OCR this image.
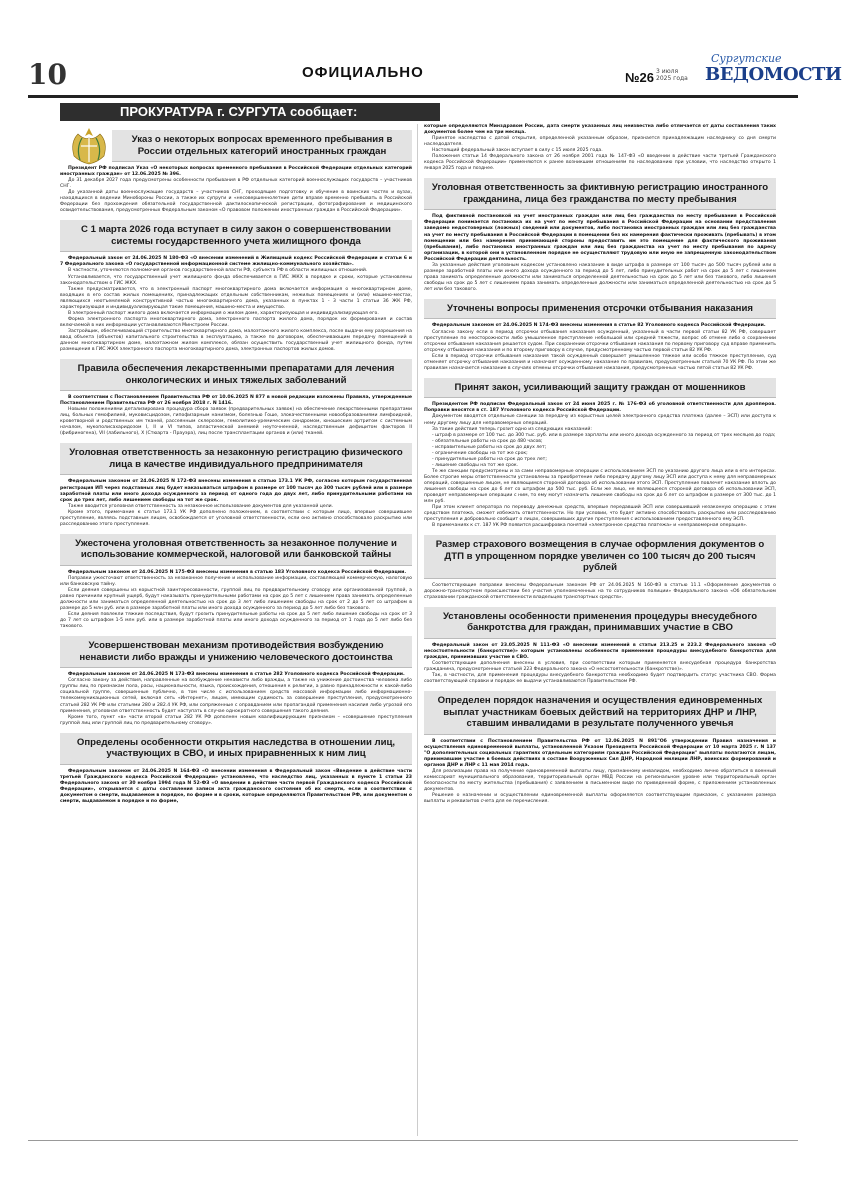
10	ОФИЦИАЛЬНО	№26 3 июля
2025 года
Сургутские
ВЕДОМОСТИ
ПРОКУРАТУРА г. СУРГУТА сообщает:
Указ о некоторых вопросах временного пребывания в России отдельных категорий иностранных граждан

Президент РФ подписал Указ «О некоторых вопросах временного пребывания в Российской Федерации отдельных категорий иностранных граждан» от 12.06.2025 № 396.

До 31 декабря 2027 года предусмотрены особенности пребывания в РФ отдельных категорий военнослужащих государств – участников СНГ.

До указанной даты военнослужащие государств – участников СНГ, проходящие подготовку и обучение в воинских частях и вузах, находящихся в ведении Минобороны России, а также их супруги и «несовершеннолетние дети вправе временно пребывать в Российской Федерации без прохождения обязательной государственной дактилоскопической регистрации, фотографирования и медицинского освидетельствования, предусмотренных Федеральным законом «О правовом положении иностранных граждан в Российской Федерации».

С 1 марта 2026 года вступает в силу закон о совершенствовании системы государственного учета жилищного фонда

Федеральный закон от 24.06.2025 N 180-ФЗ «О внесении изменений в Жилищный кодекс Российской Федерации и статьи 6 и 7 Федерального закона «О государственной информационной системе жилищно-коммунального хозяйства».

В частности, уточняются полномочия органов государственной власти РФ, субъекта РФ в области жилищных отношений.

Устанавливается, что государственный учет жилищного фонда обеспечивается в ГИС ЖКХ в порядке и сроки, которые установлены законодательством о ГИС ЖКХ.

Также предусматривается, что в электронный паспорт многоквартирного дома включается информация о многоквартирном доме, входящих в его состав жилых помещениях, принадлежащих отдельным собственникам, нежилых помещениях и (или) машино-местах, являющихся неотъемлемой конструктивной частью многоквартирного дома, указанных в пунктах 1 - 3 части 1 статьи 36 ЖК РФ, характеризующая и индивидуализирующая такие помещения, машино-места и имущество.

В электронный паспорт жилого дома включается информация о жилом доме, характеризующая и индивидуализирующая его.

Форма электронного паспорта многоквартирного дома, электронного паспорта жилого дома, порядок их формирования и состав включаемой в них информации устанавливаются Минстроем России.

Застройщик, обеспечивающий строительство многоквартирного дома, малоэтажного жилого комплекса, после выдачи ему разрешения на ввод объекта (объектов) капитального строительства в эксплуатацию, а также по договорам, обеспечивающим передачу помещений в данном многоквартирном доме, малоэтажном жилом комплексе, обязан осуществить государственный учет жилищного фонда, путем размещения в ГИС ЖКХ электронного паспорта многоквартирного дома, электронных паспортов жилых домов.

Правила обеспечения лекарственными препаратами для лечения онкологических и иных тяжелых заболеваний

В соответствии с Постановлением Правительства РФ от 10.06.2025 N 877 в новой редакции изложены Правила, утвержденные Постановлением Правительства РФ от 26 ноября 2018 г. N 1416.

Новыми положениями детализирована процедура сбора заявок (предварительных заявок) на обеспечение лекарственными препаратами лиц, больных гемофилией, муковисцидозом, гипофизарным нанизмом, болезнью Гоше, злокачественными новообразованиями лимфоидной, кроветворной и родственных им тканей, рассеянным склерозом, гемолитико-уремическим синдромом, юношеским артритом с системным началом, мукополисахаридозом I, II и VI типов, апластической анемией неуточненной, наследственным дефицитом факторов II (фибриногена), VII (лабильного), X (Стюарта - Прауэра), лиц после трансплантации органов и (или) тканей.

Уголовная ответственность за незаконную регистрацию физического лица в качестве индивидуального предпринимателя

Федеральным законом от 24.06.2025 N 172-ФЗ внесены изменения в статью 173.1 УК РФ, согласно которым государственная регистрация ИП через подставных лиц будет наказываться штрафом в размере от 100 тысяч до 300 тысяч рублей или в размере заработной платы или иного дохода осужденного за период от одного года до двух лет, либо принудительными работами на срок до трех лет, либо лишением свободы на тот же срок.

Также вводится уголовная ответственность за незаконное использование документов для указанной цели.

Кроме этого, примечание к статье 173.1 УК РФ дополнено положением, в соответствии с которым лицо, впервые совершившее преступление, являясь подставным лицом, освобождается от уголовной ответственности, если оно активно способствовало раскрытию или расследованию этого преступления.

Ужесточена уголовная ответственность за незаконное получение и использование коммерческой, налоговой или банковской тайны

Федеральным законом от 24.06.2025 N 175-ФЗ внесены изменения в статью 183 Уголовного кодекса Российской Федерации.

Поправки ужесточают ответственность за незаконное получение и использование информации, составляющей коммерческую, налоговую или банковскую тайну.

Если деяния совершены из корыстной заинтересованности, группой лиц по предварительному сговору или организованной группой, а равно причинили крупный ущерб, будут наказывать принудительными работами на срок до 5 лет с лишением права занимать определенные должности или заниматься определенной деятельностью на срок до 3 лет либо лишением свободы на срок от 2 до 5 лет со штрафом в размере до 5 млн руб. или в размере заработной платы или иного дохода осужденного за период до 5 лет либо без такового.

Если деяния повлекли тяжкие последствия, будут грозить принудительные работы на срок до 5 лет либо лишение свободы на срок от 3 до 7 лет со штрафом 1-5 млн руб. или в размере заработной платы или иного дохода осужденного за период от 1 года до 5 лет либо без такового.

Усовершенствован механизм противодействия возбуждению ненависти либо вражды и унижению человеческого достоинства

Федеральным законом от 24.06.2025 N 173-ФЗ внесены изменения в статье 282 Уголовного кодекса Российской Федерации.

Согласно закону за действия, направленные на возбуждение ненависти либо вражды, а также на унижение достоинства человека либо группы лиц по признакам пола, расы, национальности, языка, происхождения, отношения к религии, а равно принадлежности к какой-либо социальной группе, совершенные публично, в том числе с использованием средств массовой информации либо информационно-телекоммуникационных сетей, включая сеть «Интернет», лицом, имеющим судимость за совершение преступления, предусмотренного статьей 282 УК РФ или статьями 280 и 282.4 УК РФ, или сопряженные с оправданием или пропагандой применения насилия либо угрозой его применения, уголовная ответственность будет наступать в случае однократного совершения такого деяния.

Кроме того, пункт «в» части второй статьи 282 УК РФ дополнен новым квалифицирующим признаком – «совершение преступления группой лиц или группой лиц по предварительному сговору».

Определены особенности открытия наследства в отношении лиц, участвующих в СВО, и иных приравненных к ним лиц

Федеральным законом от 24.06.2025 N 164-ФЗ «О внесении изменения в Федеральный закон «Введение в действие части третьей Гражданского кодекса Российской Федерации» установлено, что наследство лиц, указанных в пункте 1 статьи 23 Федерального закона от 30 ноября 1994 года N 52-ФЗ «О введении в действие части первой Гражданского кодекса Российской Федерации», открывается с даты составления записи акта гражданского состояния об их смерти, если в соответствии с документом о смерти, выдаваемом в порядке, по форме и в сроки, которые определяются Правительством РФ, или документом о смерти, выдаваемом в порядке и по форме,

которые определяются Минздравом России, дата смерти указанных лиц неизвестна либо отличается от даты составления таких документов более чем на три месяца.

Принятое наследство с датой открытия, определенной указанным образом, признается принадлежащим наследнику со дня смерти наследодателя.

Настоящий федеральный закон вступает в силу с 15 июля 2025 года.

Положения статьи 14 Федерального закона от 26 ноября 2001 года № 147-ФЗ «О введении в действие части третьей Гражданского кодекса Российской Федерации» применяются к ранее возникшим отношениям по наследованию при условии, что наследство открыто 1 января 2025 года и позднее.

Уголовная ответственность за фиктивную регистрацию иностранного гражданина, лица без гражданства по месту пребывания

Под фиктивной постановкой на учет иностранных граждан или лиц без гражданства по месту пребывания в Российской Федерации понимается постановка их на учет по месту пребывания в Российской Федерации на основании представления заведомо недостоверных (ложных) сведений или документов, либо постановка иностранных граждан или лиц без гражданства на учет по месту пребывания в Российской Федерации в помещении без их намерения фактически проживать (пребывать) в этом помещении или без намерения принимающей стороны предоставить им это помещение для фактического проживания (пребывания), либо постановка иностранных граждан или лиц без гражданства на учет по месту пребывания по адресу организации, в которой они в установленном порядке не осуществляют трудовую или иную не запрещенную законодательством Российской Федерации деятельность.

За указанные действия уголовным кодексом установлено наказание в виде штрафа в размере от 100 тысяч до 500 тысяч рублей или в размере заработной платы или иного дохода осужденного за период до 5 лет, либо принудительных работ на срок до 5 лет с лишением права занимать определенные должности или заниматься определенной деятельностью на срок до 5 лет или без такового, либо лишения свободы на срок до 5 лет с лишением права занимать определенные должности или заниматься определенной деятельностью на срок до 5 лет или без такового.

Уточнены вопросы применения отсрочки отбывания наказания

Федеральным законом от 24.06.2025 N 174-ФЗ внесены изменения в статье 82 Уголовного кодекса Российской Федерации.

Согласно закону если в период отсрочки отбывания наказания осужденный, указанный в части первой статьи 82 УК РФ, совершает преступление по неосторожности либо умышленное преступление небольшой или средней тяжести, вопрос об отмене либо о сохранении отсрочки отбывания наказания решается судом. При сохранении отсрочки отбывания наказания по первому приговору суд вправе применить отсрочку отбывания наказания и по второму приговору в случае, предусмотренному частью первой статьи 82 УК РФ.

Если в период отсрочки отбывания наказания такой осужденный совершает умышленное тяжкое или особо тяжкое преступление, суд отменяет отсрочку отбывания наказания и назначает осужденному наказание по правилам, предусмотренным статьей 70 УК РФ. По этим же правилам назначается наказание в случаях отмены отсрочки отбывания наказания, предусмотренных частью пятой статьи 82 УК РФ.

Принят закон, усиливающий защиту граждан от мошенников

Президентом РФ подписан Федеральный закон от 24 июня 2025 г. № 176-ФЗ об уголовной ответственности для дропперов. Поправки вносятся в ст. 187 Уголовного кодекса Российской Федерации.

Документом вводятся отдельные санкции за передачу из корыстных целей электронного средства платежа (далее – ЭСП) или доступа к нему другому лицу для неправомерных операций.

За такие действия теперь грозит одно из следующих наказаний:

- штраф в размере от 100 тыс. до 300 тыс. руб. или в размере зарплаты или иного дохода осужденного за период от трех месяцев до года;
- обязательные работы на срок до 480 часов;
- исправительные работы на срок до двух лет;
- ограничение свободы на тот же срок;
- принудительные работы на срок до трех лет;
- лишение свободы на тот же срок.

Те же санкции предусмотрены и за сами неправомерные операции с использованием ЭСП по указанию другого лица или в его интересах. Более строгие меры ответственности установлены за приобретение либо передачу другому лицу ЭСП или доступа к нему для неправомерных операций, совершенные лицом, не являющимся стороной договора об использовании этого ЭСП. Преступление повлечет наказание вплоть до лишения свободы на срок до 6 лет со штрафом до 500 тыс. руб. Если же лицо, не являющееся стороной договора об использовании ЭСП, проведет неправомерные операции с ним, то ему могут назначить лишение свободы на срок до 6 лет со штрафом в размере от 300 тыс. до 1 млн руб.

При этом клиент оператора по переводу денежных средств, впервые передавший ЭСП или совершивший незаконную операцию с этим средством платежа, сможет избежать ответственности. Но при условии, что будет активно способствовать раскрытию или расследованию преступления и добровольно сообщит о лицах, совершивших другие преступления с использованием предоставленного ему ЭСП.

В примечаниях к ст. 187 УК РФ появится расшифровка понятий «электронное средство платежа» и «неправомерная операция».

Размер страхового возмещения в случае оформления документов о ДТП в упрощенном порядке увеличен со 100 тысяч до 200 тысяч рублей

Соответствующие поправки внесены Федеральным законом РФ от 24.06.2025 N 160-ФЗ в статью 11.1 «Оформление документов о дорожно-транспортном происшествии без участия уполномоченных на то сотрудников полиции» Федерального закона «Об обязательном страховании гражданской ответственности владельцев транспортных средств».

Установлены особенности применения процедуры внесудебного банкротства для граждан, принимавших участие в СВО

Федеральный закон от 23.05.2025 N 111-ФЗ «О внесении изменений в статьи 213.25 и 223.2 Федерального закона «О несостоятельности (банкротстве)» которым установлены особенности применения процедуры внесудебного банкротства для граждан, принимавших участие в СВО.

Соответствующие дополнения внесены в условия, при соответствии которым применяется внесудебная процедура банкротства гражданина, предусмотренные статьей 223 Федерального закона «О несостоятельности (банкротстве)».

Так, в частности, для применения процедуры внесудебного банкротства необходимо будет подтвердить статус участника СВО. Форма соответствующей справки и порядок ее выдачи устанавливаются Правительством РФ.

Определен порядок назначения и осуществления единовременных выплат участникам боевых действий на территориях ДНР и ЛНР, ставшим инвалидами в результате полученного увечья

В соответствии с Постановлением Правительства РФ от 12.06.2025 N 891"Об утверждении Правил назначения и осуществления единовременной выплаты, установленной Указом Президента Российской Федерации от 10 марта 2025 г. N 137 "О дополнительных социальных гарантиях отдельным категориям граждан Российской Федерации" выплаты полагаются лицам, принимавшим участие в боевых действиях в составе Вооруженных Сил ДНР, Народной милиции ЛНР, воинских формирований и органов ДНР и ЛНР с 11 мая 2014 года.

Для реализации права на получение единовременной выплаты лицу, признанному инвалидом, необходимо лично обратиться в военный комиссариат муниципального образования, территориальный орган МВД России на региональном уровне или территориальный орган безопасности по месту жительства (пребывания) с заявлением в письменном виде по приведенной форме, с приложением установленных документов.

Решение о назначении и осуществлении единовременной выплаты оформляется соответствующим приказом, с указанием размера выплаты и реквизитов счета для ее перечисления.
